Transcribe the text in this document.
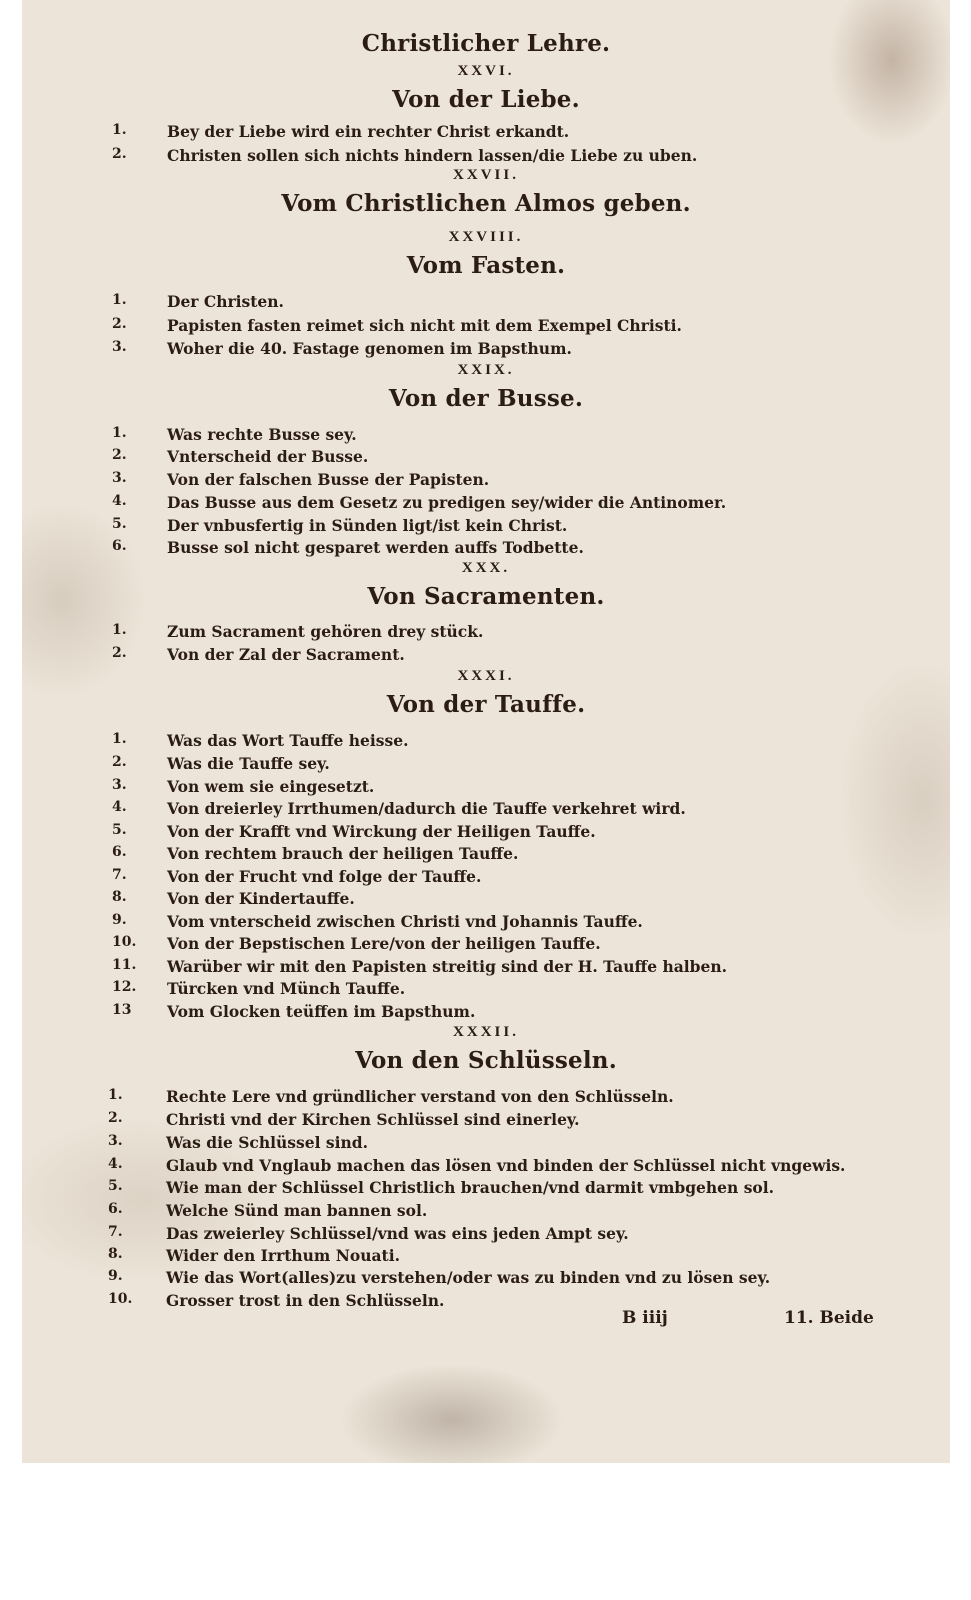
Christlicher Lehre.
XXVI.
Von der Liebe.
1.	Bey der Liebe wird ein rechter Christ erkandt.
2.	Christen sollen sich nichts hindern lassen/die Liebe zu uben.
XXVII.
Vom Christlichen Almos geben.
XXVIII.
Vom Fasten.
1.	Der Christen.
2.	Papisten fasten reimet sich nicht mit dem Exempel Christi.
3.	Woher die 40. Fastage genomen im Bapsthum.
XXIX.
Von der Busse.
1.	Was rechte Busse sey.
2.	Vnterscheid der Busse.
3.	Von der falschen Busse der Papisten.
4.	Das Busse aus dem Gesetz zu predigen sey/wider die Antinomer.
5.	Der vnbusfertig in Sünden ligt/ist kein Christ.
6.	Busse sol nicht gesparet werden auffs Todbette.
XXX.
Von Sacramenten.
1.	Zum Sacrament gehören drey stück.
2.	Von der Zal der Sacrament.
XXXI.
Von der Tauffe.
1.	Was das Wort Tauffe heisse.
2.	Was die Tauffe sey.
3.	Von wem sie eingesetzt.
4.	Von dreierley Irrthumen/dadurch die Tauffe verkehret wird.
5.	Von der Krafft vnd Wirckung der Heiligen Tauffe.
6.	Von rechtem brauch der heiligen Tauffe.
7.	Von der Frucht vnd folge der Tauffe.
8.	Von der Kindertauffe.
9.	Vom vnterscheid zwischen Christi vnd Johannis Tauffe.
10.	Von der Bepstischen Lere/von der heiligen Tauffe.
11.	Warüber wir mit den Papisten streitig sind der H. Tauffe halben.
12.	Türcken vnd Münch Tauffe.
13	Vom Glocken teüffen im Bapsthum.
XXXII.
Von den Schlüsseln.
1.	Rechte Lere vnd gründlicher verstand von den Schlüsseln.
2.	Christi vnd der Kirchen Schlüssel sind einerley.
3.	Was die Schlüssel sind.
4.	Glaub vnd Vnglaub machen das lösen vnd binden der Schlüssel nicht vngewis.
5.	Wie man der Schlüssel Christlich brauchen/vnd darmit vmbgehen sol.
6.	Welche Sünd man bannen sol.
7.	Das zweierley Schlüssel/vnd was eins jeden Ampt sey.
8.	Wider den Irrthum Nouati.
9.	Wie das Wort(alles)zu verstehen/oder was zu binden vnd zu lösen sey.
10.	Grosser trost in den Schlüsseln.
B iiij	11. Beide
